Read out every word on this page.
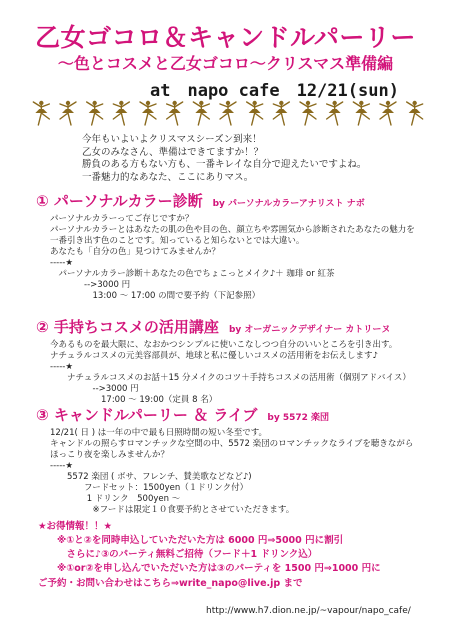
乙女ゴコロ＆キャンドルパーリー
～色とコスメと乙女ゴコロ～クリスマス準備編
at　napo cafe　12/21(sun)
今年もいよいよクリスマスシーズン到来！
乙女のみなさん、準備はできてますか！？
勝負のある方もない方も、一番キレイな自分で迎えたいですよね。
一番魅力的なあなた、ここにありマス。
① パーソナルカラー診断 by パーソナルカラーアナリスト ナボ
パーソナルカラーってご存じですか？
パーソナルカラーとはあなたの肌の色や目の色、顔立ちや雰囲気から診断されたあなたの魅力を
一番引き出す色のことです。知っていると知らないとでは大違い。
あなたも「自分の色」見つけてみませんか？
-----★
　パーソナルカラー診断＋あなたの色でちょこっとメイク♪＋ 珈琲 or 紅茶
　　　　-->3000 円
　　　　　13:00 ～ 17:00 の間で要予約（下記参照）
② 手持ちコスメの活用講座 by オーガニックデザイナー カトリーヌ
今あるものを最大限に、なおかつシンプルに使いこなしつつ自分のいいところを引き出す。
ナチュラルコスメの元美容部員が、地球と私に優しいコスメの活用術をお伝えします♪
-----★
　　ナチュラルコスメのお話＋15 分メイクのコツ＋手持ちコスメの活用術（個別アドバイス）
　　　　　-->3000 円
　　　　　　17:00 ～ 19:00（定員 8 名）
③ キャンドルパーリー ＆ ライブ by 5572 楽団
12/21( 日 ) は一年の中で最も日照時間の短い冬至です。
キャンドルの照らすロマンチックな空間の中、5572 楽団のロマンチックなライブを聴きながら
ほっこり夜を楽しみませんか？
-----★
　　5572 楽団 ( ボサ、フレンチ、賛美歌などなど♪)
　　　　フードセット：1500yen（１ドリンク付）
　　　　 1 ドリンク　500yen ～
　　　　　※フードは限定１０食要予約とさせていただきます。
★お得情報！！★
　　※①と②を同時申込していただいた方は 6000 円⇒5000 円に割引
　　　さらに♪③のパーティ無料ご招待（フード＋1 ドリンク込）
　　※①or②を申し込んでいただいた方は③のパーティを 1500 円⇒1000 円に
ご予約・お問い合わせはこちら⇒write_napo@live.jp まで
http://www.h7.dion.ne.jp/~vapour/napo_cafe/
